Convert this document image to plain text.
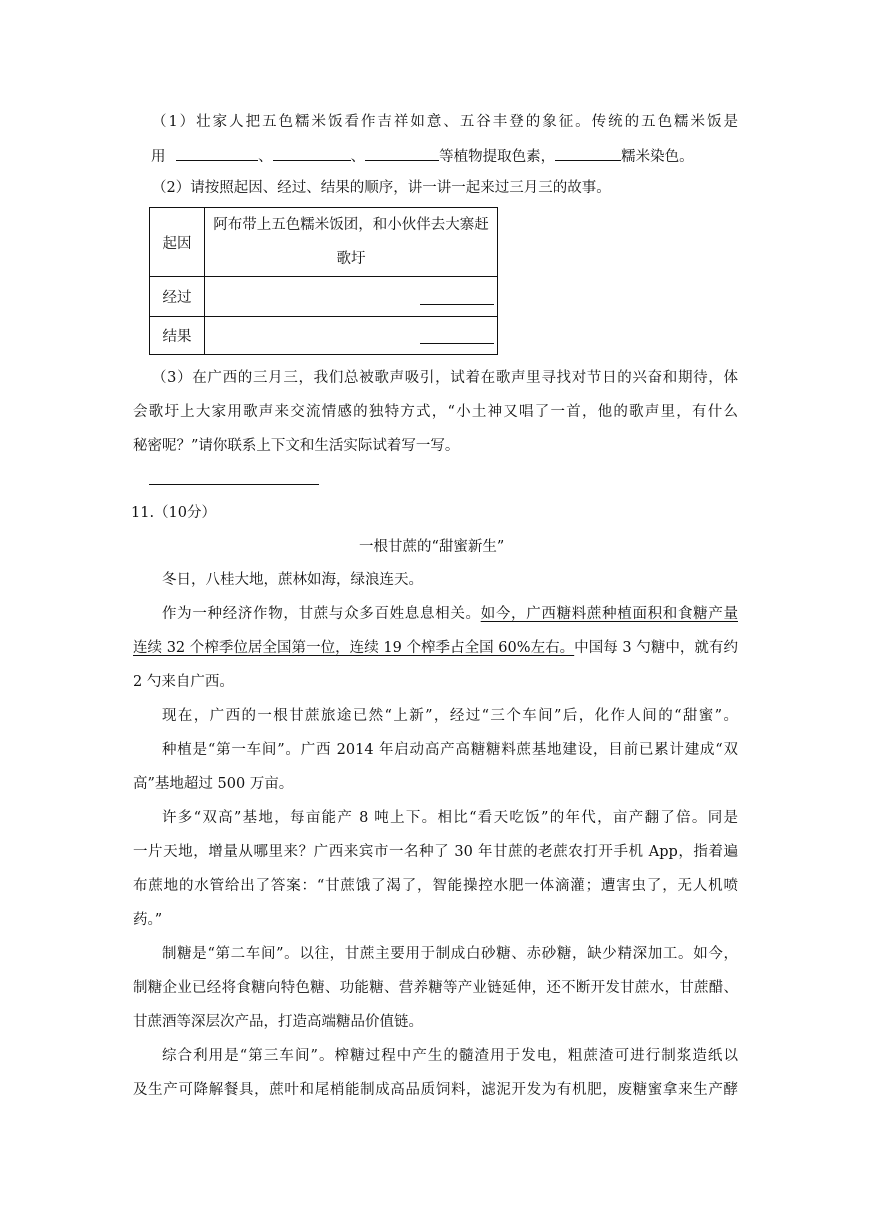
（1）壮家人把五色糯米饭看作吉祥如意、五谷丰登的象征。传统的五色糯米饭是
用	、	、	等植物提取色素，	糯米染色。
（2）请按照起因、经过、结果的顺序，讲一讲一起来过三月三的故事。
起因	阿布带上五色糯米饭团，和小伙伴去大寨赶
歌圩

经过	

结果	
（3）在广西的三月三，我们总被歌声吸引，试着在歌声里寻找对节日的兴奋和期待，体
会歌圩上大家用歌声来交流情感的独特方式，“小土神又唱了一首，他的歌声里，有什么
秘密呢？”请你联系上下文和生活实际试着写一写。
11.（10分）
一根甘蔗的“甜蜜新生”
冬日，八桂大地，蔗林如海，绿浪连天。
作为一种经济作物，甘蔗与众多百姓息息相关。如今，广西糖料蔗种植面积和食糖产量
连续 32 个榨季位居全国第一位，连续 19 个榨季占全国 60%左右。中国每 3 勺糖中，就有约
2 勺来自广西。
现在，广西的一根甘蔗旅途已然“上新”，经过“三个车间”后，化作人间的“甜蜜”。
种植是“第一车间”。广西 2014 年启动高产高糖糖料蔗基地建设，目前已累计建成“双
高”基地超过 500 万亩。
许多“双高”基地，每亩能产 8 吨上下。相比“看天吃饭”的年代，亩产翻了倍。同是
一片天地，增量从哪里来？广西来宾市一名种了 30 年甘蔗的老蔗农打开手机 App，指着遍
布蔗地的水管给出了答案：“甘蔗饿了渴了，智能操控水肥一体滴灌；遭害虫了，无人机喷
药。”
制糖是“第二车间”。以往，甘蔗主要用于制成白砂糖、赤砂糖，缺少精深加工。如今，
制糖企业已经将食糖向特色糖、功能糖、营养糖等产业链延伸，还不断开发甘蔗水，甘蔗醋、
甘蔗酒等深层次产品，打造高端糖品价值链。
综合利用是“第三车间”。榨糖过程中产生的髓渣用于发电，粗蔗渣可进行制浆造纸以
及生产可降解餐具，蔗叶和尾梢能制成高品质饲料，滤泥开发为有机肥，废糖蜜拿来生产酵
